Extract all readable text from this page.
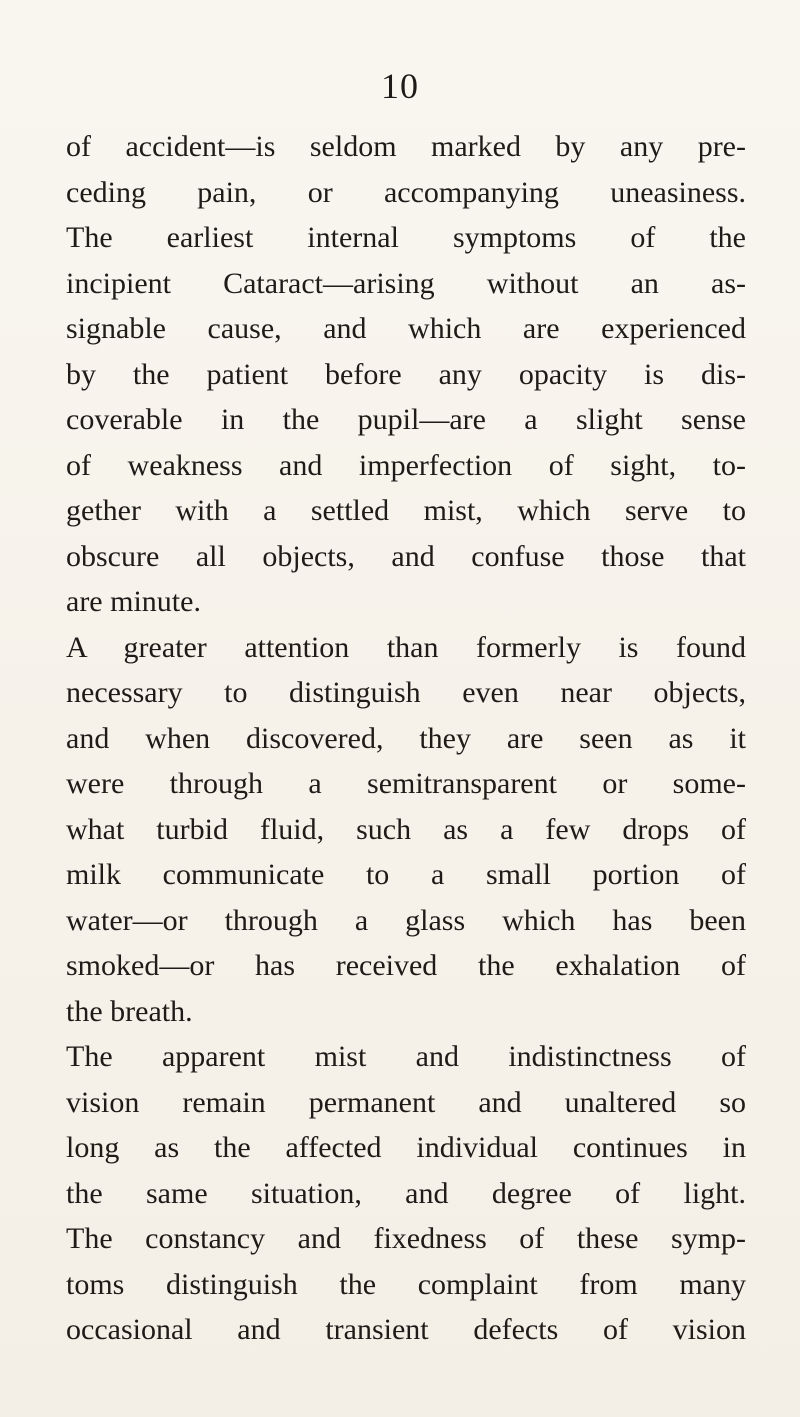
10
of accident—is seldom marked by any pre-
ceding pain, or accompanying uneasiness.
The earliest internal symptoms of the
incipient Cataract—arising without an as-
signable cause, and which are experienced
by the patient before any opacity is dis-
coverable in the pupil—are a slight sense
of weakness and imperfection of sight, to-
gether with a settled mist, which serve to
obscure all objects, and confuse those that
are minute.
A greater attention than formerly is found
necessary to distinguish even near objects,
and when discovered, they are seen as it
were through a semitransparent or some-
what turbid fluid, such as a few drops of
milk communicate to a small portion of
water—or through a glass which has been
smoked—or has received the exhalation of
the breath.
The apparent mist and indistinctness of
vision remain permanent and unaltered so
long as the affected individual continues in
the same situation, and degree of light.
The constancy and fixedness of these symp-
toms distinguish the complaint from many
occasional and transient defects of vision
